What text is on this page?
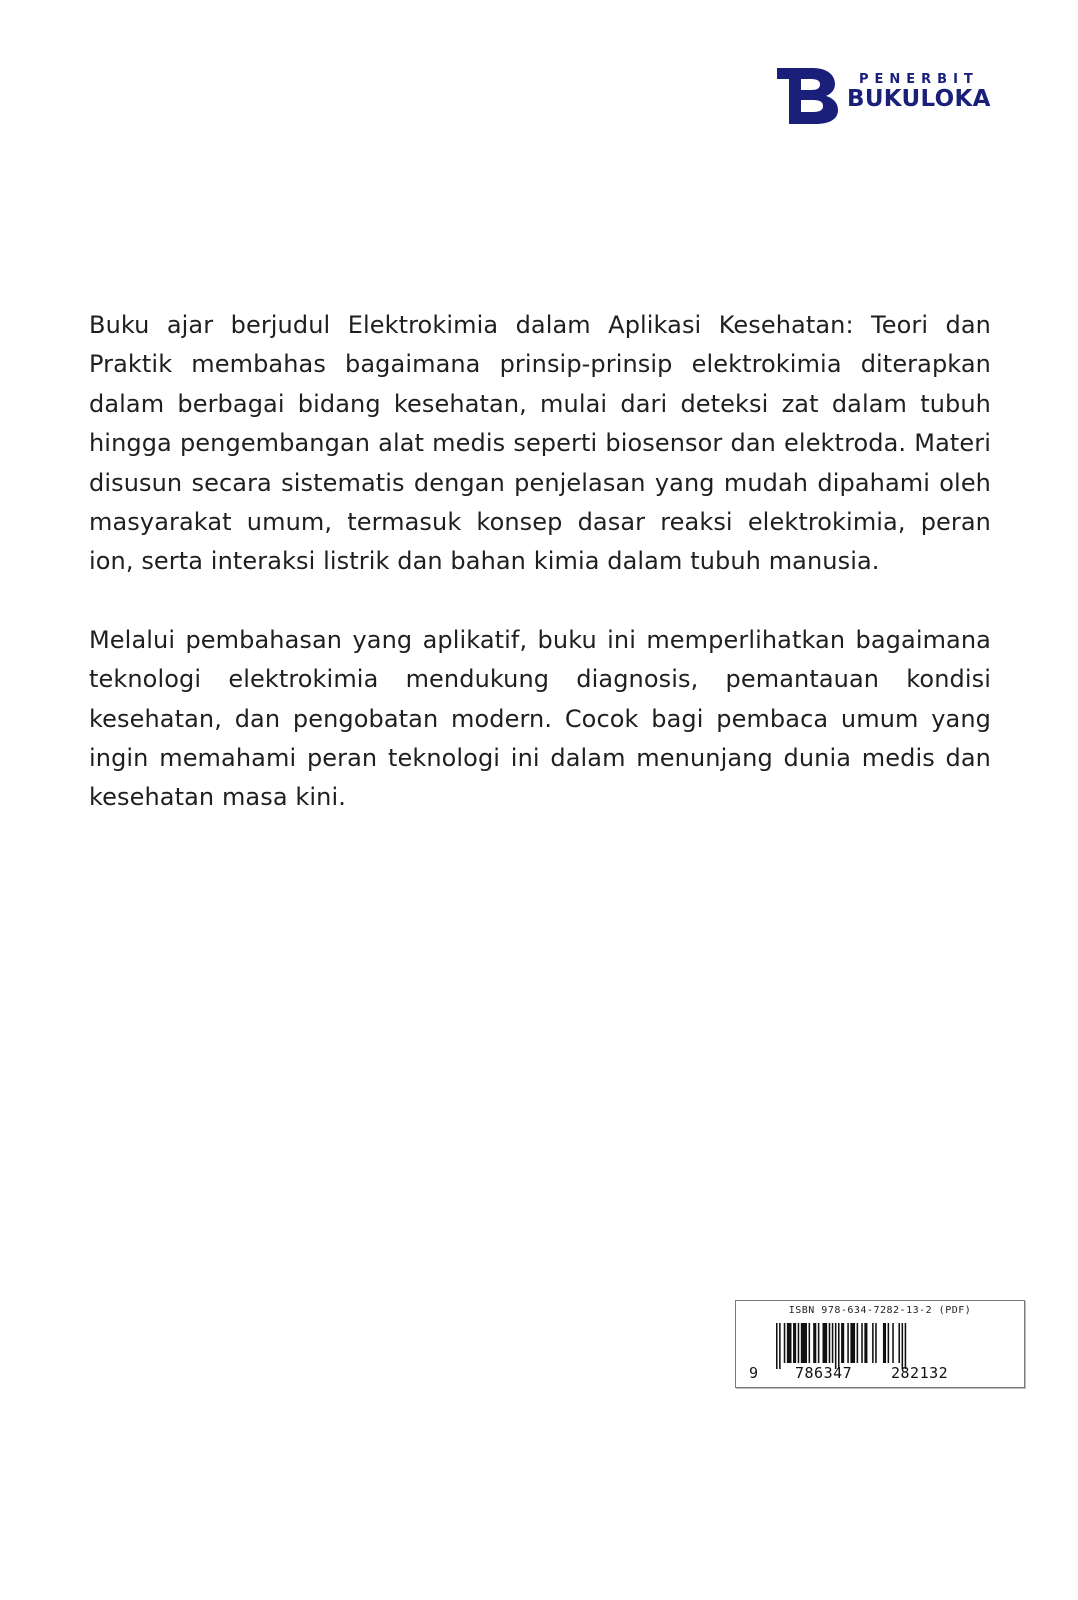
PENERBIT
BUKULOKA

Buku ajar berjudul Elektrokimia dalam Aplikasi Kesehatan: Teori dan Praktik membahas bagaimana prinsip-prinsip elektrokimia diterapkan dalam berbagai bidang kesehatan, mulai dari deteksi zat dalam tubuh hingga pengembangan alat medis seperti biosensor dan elektroda. Materi disusun secara sistematis dengan penjelasan yang mudah dipahami oleh masyarakat umum, termasuk konsep dasar reaksi elektrokimia, peran ion, serta interaksi listrik dan bahan kimia dalam tubuh manusia.

Melalui pembahasan yang aplikatif, buku ini memperlihatkan bagaimana teknologi elektrokimia mendukung diagnosis, pemantauan kondisi kesehatan, dan pengobatan modern. Cocok bagi pembaca umum yang ingin memahami peran teknologi ini dalam menunjang dunia medis dan kesehatan masa kini.

ISBN 978-634-7282-13-2 (PDF)
9 786347	282132
